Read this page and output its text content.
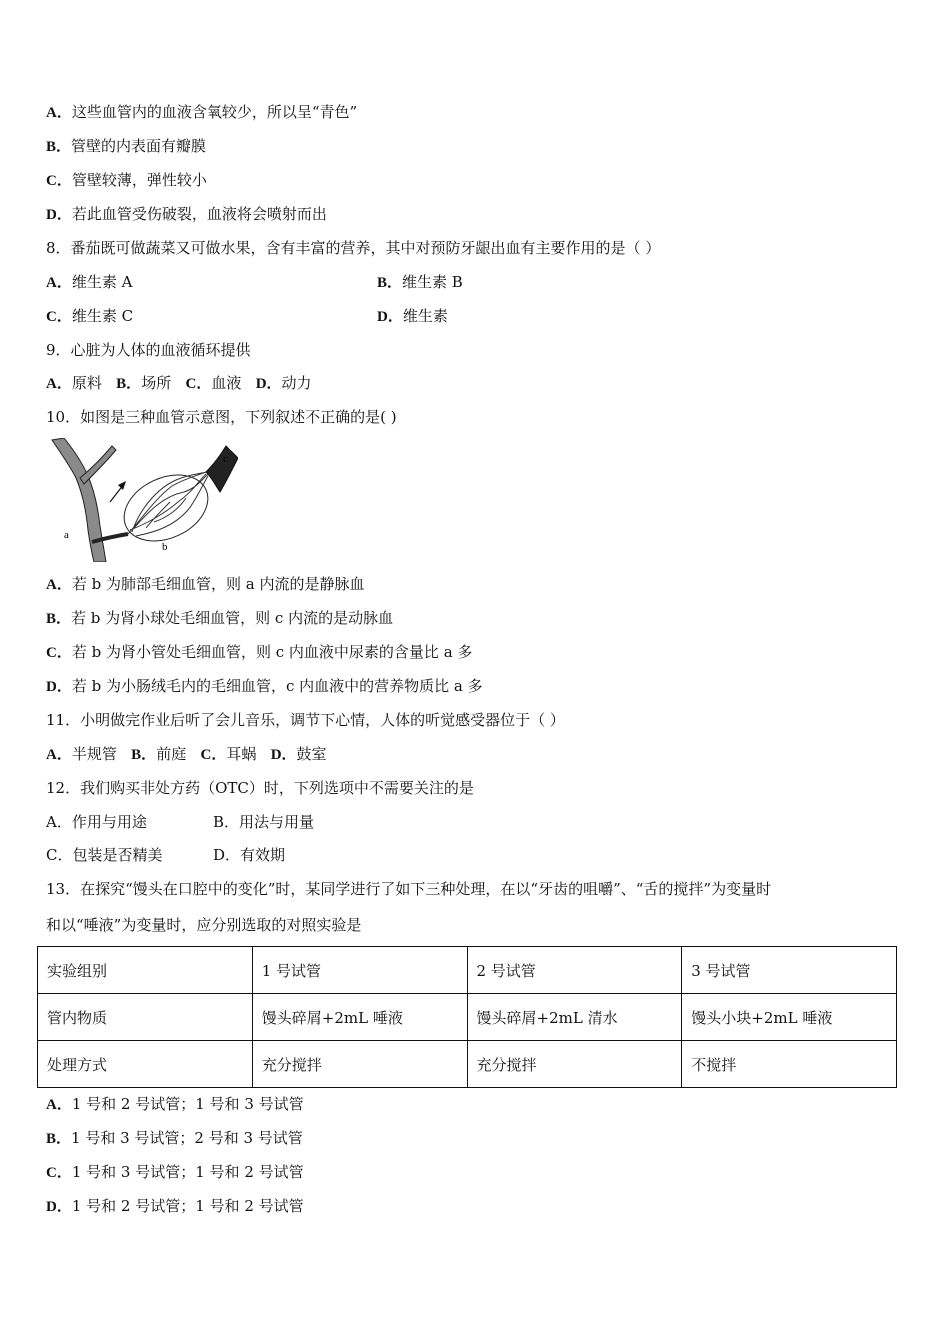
A．这些血管内的血液含氧较少，所以呈“青色”
B．管壁的内表面有瓣膜
C．管壁较薄，弹性较小
D．若此血管受伤破裂，血液将会喷射而出
8．番茄既可做蔬菜又可做水果，含有丰富的营养，其中对预防牙龈出血有主要作用的是（ ）
A．维生素 A	B．维生素 B
C．维生素 C	D．维生素
9．心脏为人体的血液循环提供
A．原料 B．场所 C．血液 D．动力
10．如图是三种血管示意图，下列叙述不正确的是( )
a
b
c
A．若 b 为肺部毛细血管，则 a 内流的是静脉血
B．若 b 为肾小球处毛细血管，则 c 内流的是动脉血
C．若 b 为肾小管处毛细血管，则 c 内血液中尿素的含量比 a 多
D．若 b 为小肠绒毛内的毛细血管，c 内血液中的营养物质比 a 多
11．小明做完作业后听了会儿音乐，调节下心情，人体的听觉感受器位于（ ）
A．半规管 B．前庭 C．耳蜗 D．鼓室
12．我们购买非处方药（OTC）时，下列选项中不需要关注的是
A．作用与用途	B．用法与用量
C．包装是否精美	D．有效期
13．在探究“馒头在口腔中的变化”时，某同学进行了如下三种处理，在以“牙齿的咀嚼”、“舌的搅拌”为变量时
和以“唾液”为变量时，应分别选取的对照实验是
实验组别	1 号试管	2 号试管	3 号试管
管内物质	馒头碎屑+2mL 唾液	馒头碎屑+2mL 清水	馒头小块+2mL 唾液
处理方式	充分搅拌	充分搅拌	不搅拌
A．1 号和 2 号试管；1 号和 3 号试管
B．1 号和 3 号试管；2 号和 3 号试管
C．1 号和 3 号试管；1 号和 2 号试管
D．1 号和 2 号试管；1 号和 2 号试管
